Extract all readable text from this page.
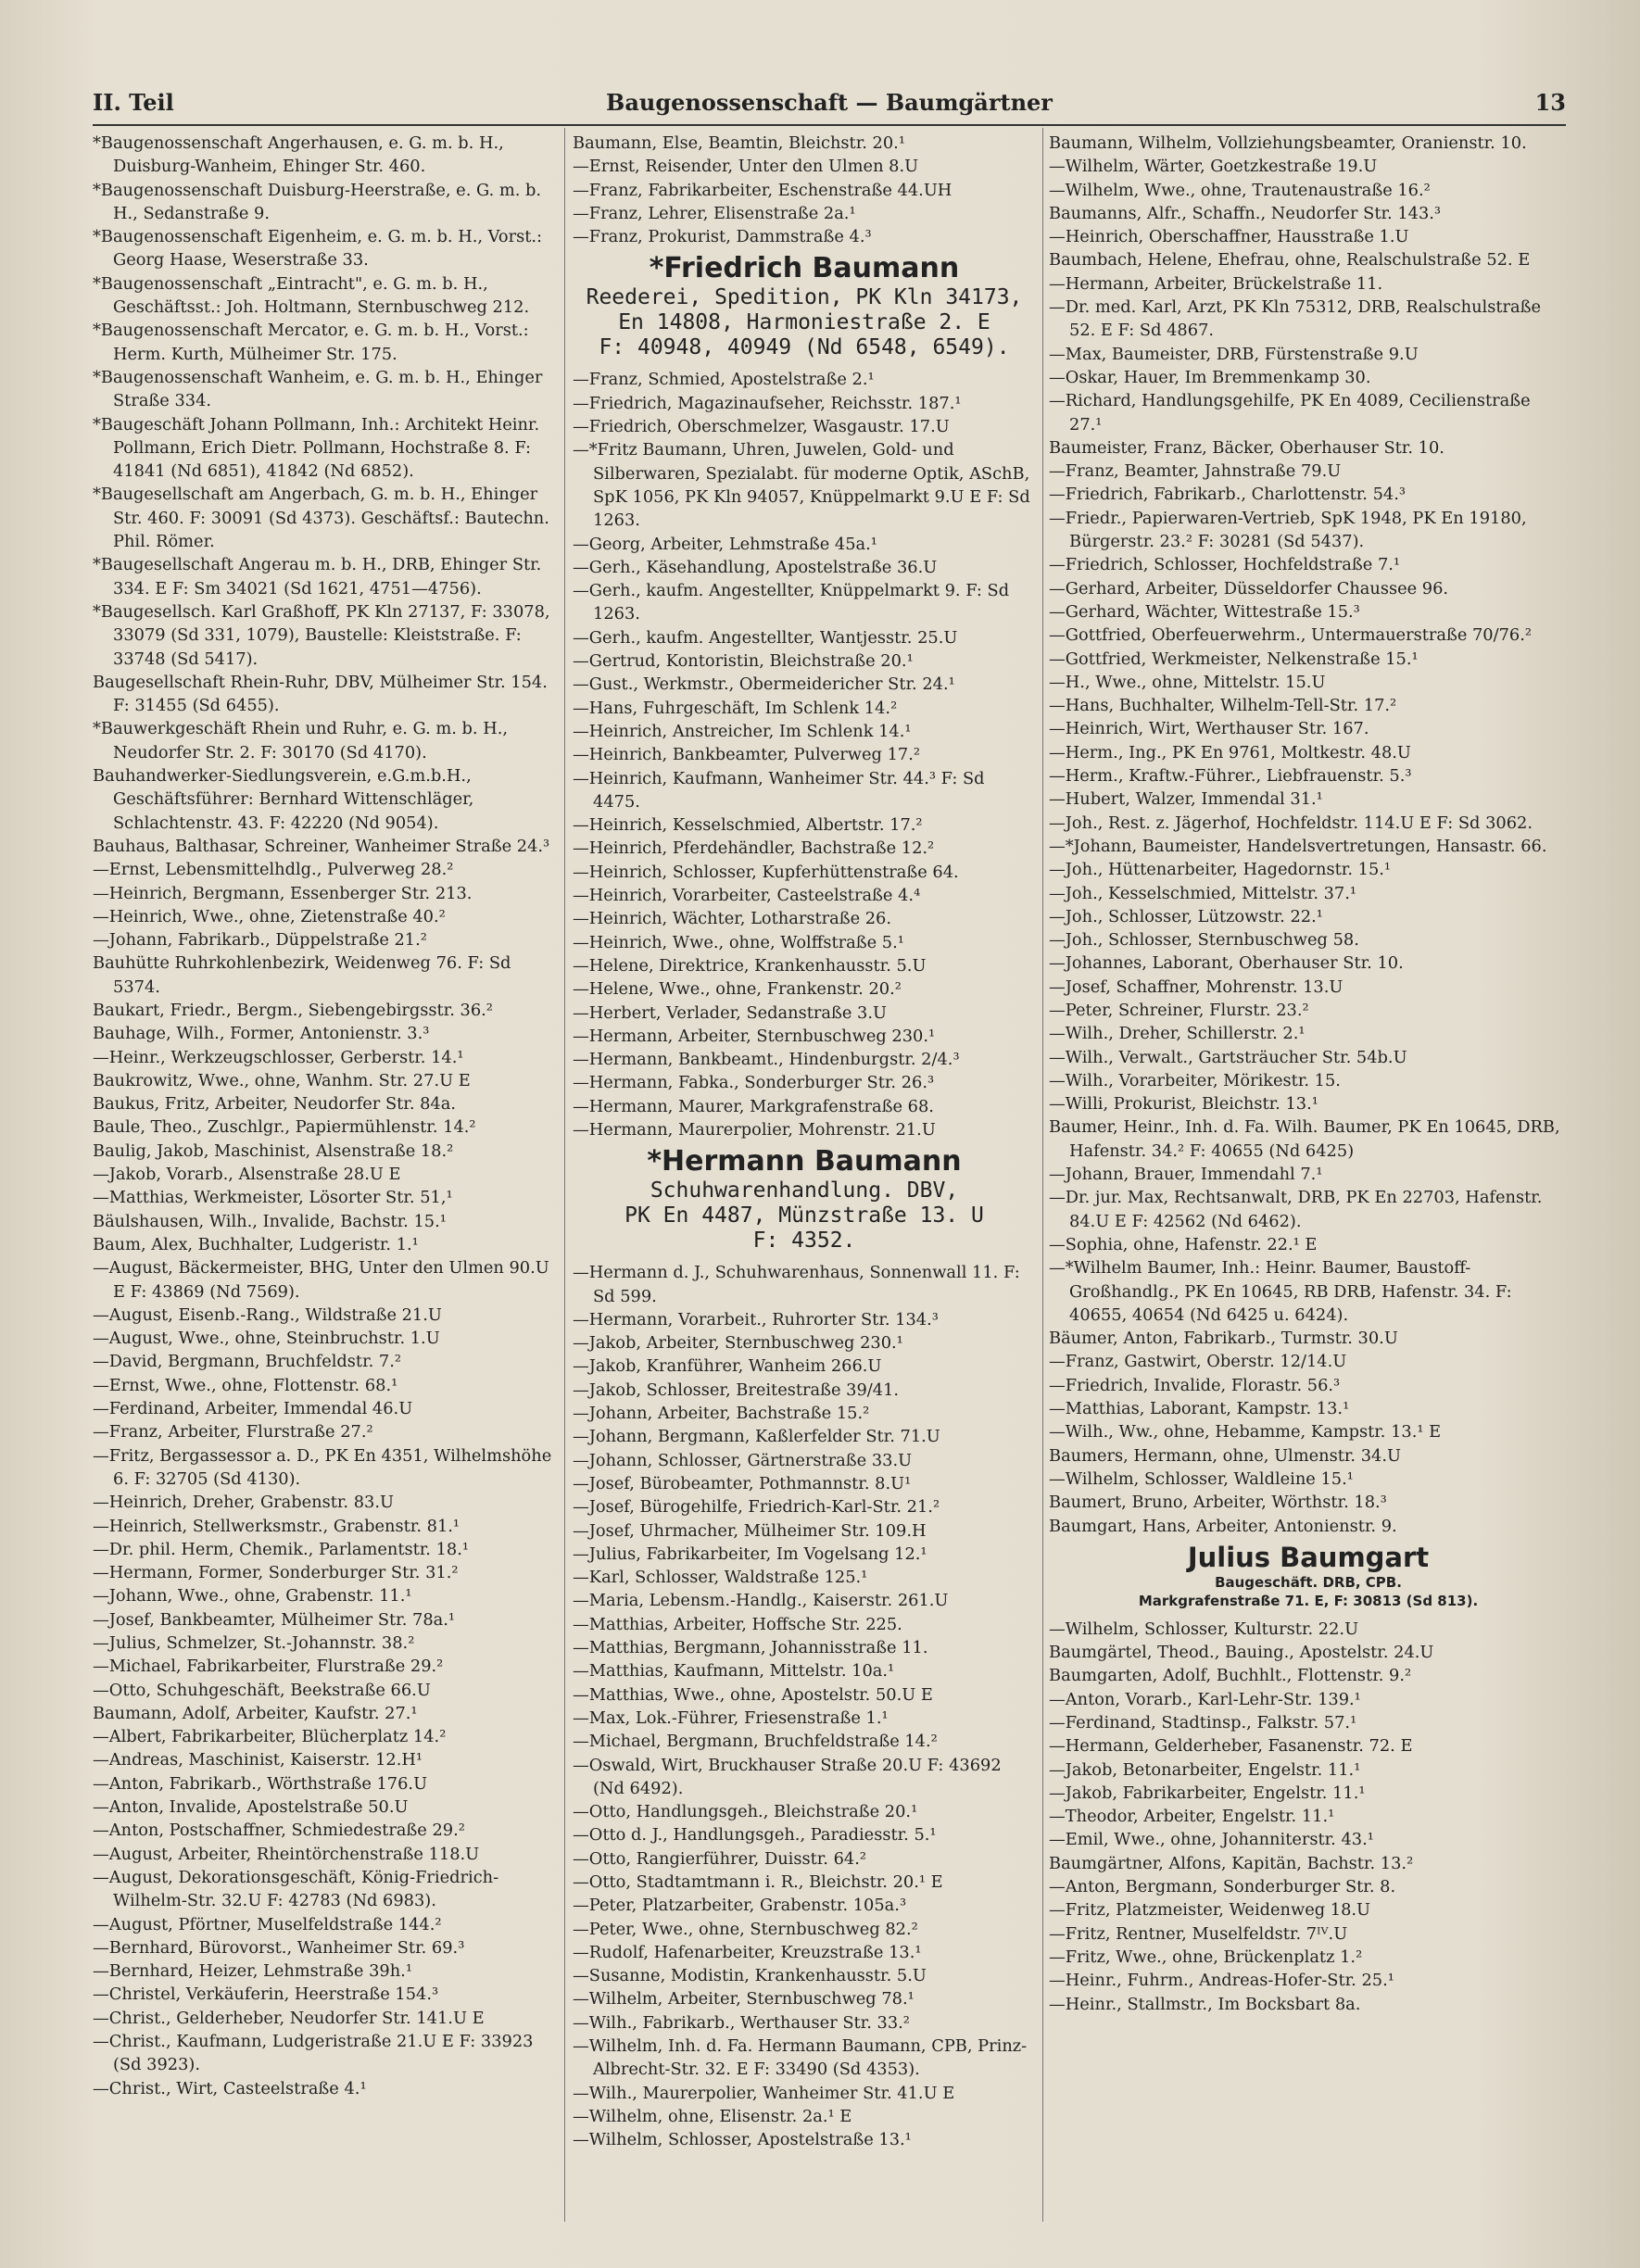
II. Teil	Baugenossenschaft — Baumgärtner	13
*Baugenossenschaft Angerhausen, e. G. m. b. H., Duisburg-Wanheim, Ehinger Str. 460.
*Baugenossenschaft Duisburg-Heerstraße, e. G. m. b. H., Sedanstraße 9.
*Baugenossenschaft Eigenheim, e. G. m. b. H., Vorst.: Georg Haase, Weserstraße 33.
*Baugenossenschaft „Eintracht", e. G. m. b. H., Geschäftsst.: Joh. Holtmann, Sternbuschweg 212.
*Baugenossenschaft Mercator, e. G. m. b. H., Vorst.: Herm. Kurth, Mülheimer Str. 175.
*Baugenossenschaft Wanheim, e. G. m. b. H., Ehinger Straße 334.
*Baugeschäft Johann Pollmann, Inh.: Architekt Heinr. Pollmann, Erich Dietr. Pollmann, Hochstraße 8. F: 41841 (Nd 6851), 41842 (Nd 6852).
*Baugesellschaft am Angerbach, G. m. b. H., Ehinger Str. 460. F: 30091 (Sd 4373). Geschäftsf.: Bautechn. Phil. Römer.
*Baugesellschaft Angerau m. b. H., DRB, Ehinger Str. 334. E F: Sm 34021 (Sd 1621, 4751—4756).
*Baugesellsch. Karl Graßhoff, PK Kln 27137, F: 33078, 33079 (Sd 331, 1079), Baustelle: Kleiststraße. F: 33748 (Sd 5417).
Baugesellschaft Rhein-Ruhr, DBV, Mülheimer Str. 154. F: 31455 (Sd 6455).
*Bauwerkgeschäft Rhein und Ruhr, e. G. m. b. H., Neudorfer Str. 2. F: 30170 (Sd 4170).
Bauhandwerker-Siedlungsverein, e.G.m.b.H., Geschäftsführer: Bernhard Wittenschläger, Schlachtenstr. 43. F: 42220 (Nd 9054).
Bauhaus, Balthasar, Schreiner, Wanheimer Straße 24.³
—Ernst, Lebensmittelhdlg., Pulverweg 28.²
—Heinrich, Bergmann, Essenberger Str. 213.
—Heinrich, Wwe., ohne, Zietenstraße 40.²
—Johann, Fabrikarb., Düppelstraße 21.²
Bauhütte Ruhrkohlenbezirk, Weidenweg 76. F: Sd 5374.
Baukart, Friedr., Bergm., Siebengebirgsstr. 36.²
Bauhage, Wilh., Former, Antonienstr. 3.³
—Heinr., Werkzeugschlosser, Gerberstr. 14.¹
Baukrowitz, Wwe., ohne, Wanhm. Str. 27.U E
Baukus, Fritz, Arbeiter, Neudorfer Str. 84a.
Baule, Theo., Zuschlgr., Papiermühlenstr. 14.²
Baulig, Jakob, Maschinist, Alsenstraße 18.²
—Jakob, Vorarb., Alsenstraße 28.U E
—Matthias, Werkmeister, Lösorter Str. 51,¹
Bäulshausen, Wilh., Invalide, Bachstr. 15.¹
Baum, Alex, Buchhalter, Ludgeristr. 1.¹
—August, Bäckermeister, BHG, Unter den Ulmen 90.U E F: 43869 (Nd 7569).
—August, Eisenb.-Rang., Wildstraße 21.U
—August, Wwe., ohne, Steinbruchstr. 1.U
—David, Bergmann, Bruchfeldstr. 7.²
—Ernst, Wwe., ohne, Flottenstr. 68.¹
—Ferdinand, Arbeiter, Immendal 46.U
—Franz, Arbeiter, Flurstraße 27.²
—Fritz, Bergassessor a. D., PK En 4351, Wilhelmshöhe 6. F: 32705 (Sd 4130).
—Heinrich, Dreher, Grabenstr. 83.U
—Heinrich, Stellwerksmstr., Grabenstr. 81.¹
—Dr. phil. Herm, Chemik., Parlamentstr. 18.¹
—Hermann, Former, Sonderburger Str. 31.²
—Johann, Wwe., ohne, Grabenstr. 11.¹
—Josef, Bankbeamter, Mülheimer Str. 78a.¹
—Julius, Schmelzer, St.-Johannstr. 38.²
—Michael, Fabrikarbeiter, Flurstraße 29.²
—Otto, Schuhgeschäft, Beekstraße 66.U
Baumann, Adolf, Arbeiter, Kaufstr. 27.¹
—Albert, Fabrikarbeiter, Blücherplatz 14.²
—Andreas, Maschinist, Kaiserstr. 12.H¹
—Anton, Fabrikarb., Wörthstraße 176.U
—Anton, Invalide, Apostelstraße 50.U
—Anton, Postschaffner, Schmiedestraße 29.²
—August, Arbeiter, Rheintörchenstraße 118.U
—August, Dekorationsgeschäft, König-Friedrich-Wilhelm-Str. 32.U F: 42783 (Nd 6983).
—August, Pförtner, Muselfeldstraße 144.²
—Bernhard, Bürovorst., Wanheimer Str. 69.³
—Bernhard, Heizer, Lehmstraße 39h.¹
—Christel, Verkäuferin, Heerstraße 154.³
—Christ., Gelderheber, Neudorfer Str. 141.U E
—Christ., Kaufmann, Ludgeristraße 21.U E F: 33923 (Sd 3923).
—Christ., Wirt, Casteelstraße 4.¹
Baumann, Else, Beamtin, Bleichstr. 20.¹
—Ernst, Reisender, Unter den Ulmen 8.U
—Franz, Fabrikarbeiter, Eschenstraße 44.UH
—Franz, Lehrer, Elisenstraße 2a.¹
—Franz, Prokurist, Dammstraße 4.³
*Friedrich Baumann
Reederei, Spedition, PK Kln 34173,
En 14808, Harmoniestraße 2. E
F: 40948, 40949 (Nd 6548, 6549).
—Franz, Schmied, Apostelstraße 2.¹
—Friedrich, Magazinaufseher, Reichsstr. 187.¹
—Friedrich, Oberschmelzer, Wasgaustr. 17.U
—*Fritz Baumann, Uhren, Juwelen, Gold- und Silberwaren, Spezialabt. für moderne Optik, ASchB, SpK 1056, PK Kln 94057, Knüppelmarkt 9.U E F: Sd 1263.
—Georg, Arbeiter, Lehmstraße 45a.¹
—Gerh., Käsehandlung, Apostelstraße 36.U
—Gerh., kaufm. Angestellter, Knüppelmarkt 9. F: Sd 1263.
—Gerh., kaufm. Angestellter, Wantjesstr. 25.U
—Gertrud, Kontoristin, Bleichstraße 20.¹
—Gust., Werkmstr., Obermeidericher Str. 24.¹
—Hans, Fuhrgeschäft, Im Schlenk 14.²
—Heinrich, Anstreicher, Im Schlenk 14.¹
—Heinrich, Bankbeamter, Pulverweg 17.²
—Heinrich, Kaufmann, Wanheimer Str. 44.³ F: Sd 4475.
—Heinrich, Kesselschmied, Albertstr. 17.²
—Heinrich, Pferdehändler, Bachstraße 12.²
—Heinrich, Schlosser, Kupferhüttenstraße 64.
—Heinrich, Vorarbeiter, Casteelstraße 4.⁴
—Heinrich, Wächter, Lotharstraße 26.
—Heinrich, Wwe., ohne, Wolffstraße 5.¹
—Helene, Direktrice, Krankenhausstr. 5.U
—Helene, Wwe., ohne, Frankenstr. 20.²
—Herbert, Verlader, Sedanstraße 3.U
—Hermann, Arbeiter, Sternbuschweg 230.¹
—Hermann, Bankbeamt., Hindenburgstr. 2/4.³
—Hermann, Fabka., Sonderburger Str. 26.³
—Hermann, Maurer, Markgrafenstraße 68.
—Hermann, Maurerpolier, Mohrenstr. 21.U
*Hermann Baumann
Schuhwarenhandlung. DBV,
PK En 4487, Münzstraße 13. U
F: 4352.
—Hermann d. J., Schuhwarenhaus, Sonnenwall 11. F: Sd 599.
—Hermann, Vorarbeit., Ruhrorter Str. 134.³
—Jakob, Arbeiter, Sternbuschweg 230.¹
—Jakob, Kranführer, Wanheim 266.U
—Jakob, Schlosser, Breitestraße 39/41.
—Johann, Arbeiter, Bachstraße 15.²
—Johann, Bergmann, Kaßlerfelder Str. 71.U
—Johann, Schlosser, Gärtnerstraße 33.U
—Josef, Bürobeamter, Pothmannstr. 8.U¹
—Josef, Bürogehilfe, Friedrich-Karl-Str. 21.²
—Josef, Uhrmacher, Mülheimer Str. 109.H
—Julius, Fabrikarbeiter, Im Vogelsang 12.¹
—Karl, Schlosser, Waldstraße 125.¹
—Maria, Lebensm.-Handlg., Kaiserstr. 261.U
—Matthias, Arbeiter, Hoffsche Str. 225.
—Matthias, Bergmann, Johannisstraße 11.
—Matthias, Kaufmann, Mittelstr. 10a.¹
—Matthias, Wwe., ohne, Apostelstr. 50.U E
—Max, Lok.-Führer, Friesenstraße 1.¹
—Michael, Bergmann, Bruchfeldstraße 14.²
—Oswald, Wirt, Bruckhauser Straße 20.U F: 43692 (Nd 6492).
—Otto, Handlungsgeh., Bleichstraße 20.¹
—Otto d. J., Handlungsgeh., Paradiesstr. 5.¹
—Otto, Rangierführer, Duisstr. 64.²
—Otto, Stadtamtmann i. R., Bleichstr. 20.¹ E
—Peter, Platzarbeiter, Grabenstr. 105a.³
—Peter, Wwe., ohne, Sternbuschweg 82.²
—Rudolf, Hafenarbeiter, Kreuzstraße 13.¹
—Susanne, Modistin, Krankenhausstr. 5.U
—Wilhelm, Arbeiter, Sternbuschweg 78.¹
—Wilh., Fabrikarb., Werthauser Str. 33.²
—Wilhelm, Inh. d. Fa. Hermann Baumann, CPB, Prinz-Albrecht-Str. 32. E F: 33490 (Sd 4353).
—Wilh., Maurerpolier, Wanheimer Str. 41.U E
—Wilhelm, ohne, Elisenstr. 2a.¹ E
—Wilhelm, Schlosser, Apostelstraße 13.¹
Baumann, Wilhelm, Vollziehungsbeamter, Oranienstr. 10.
—Wilhelm, Wärter, Goetzkestraße 19.U
—Wilhelm, Wwe., ohne, Trautenaustraße 16.²
Baumanns, Alfr., Schaffn., Neudorfer Str. 143.³
—Heinrich, Oberschaffner, Hausstraße 1.U
Baumbach, Helene, Ehefrau, ohne, Realschulstraße 52. E
—Hermann, Arbeiter, Brückelstraße 11.
—Dr. med. Karl, Arzt, PK Kln 75312, DRB, Realschulstraße 52. E F: Sd 4867.
—Max, Baumeister, DRB, Fürstenstraße 9.U
—Oskar, Hauer, Im Bremmenkamp 30.
—Richard, Handlungsgehilfe, PK En 4089, Cecilienstraße 27.¹
Baumeister, Franz, Bäcker, Oberhauser Str. 10.
—Franz, Beamter, Jahnstraße 79.U
—Friedrich, Fabrikarb., Charlottenstr. 54.³
—Friedr., Papierwaren-Vertrieb, SpK 1948, PK En 19180, Bürgerstr. 23.² F: 30281 (Sd 5437).
—Friedrich, Schlosser, Hochfeldstraße 7.¹
—Gerhard, Arbeiter, Düsseldorfer Chaussee 96.
—Gerhard, Wächter, Wittestraße 15.³
—Gottfried, Oberfeuerwehrm., Untermauerstraße 70/76.²
—Gottfried, Werkmeister, Nelkenstraße 15.¹
—H., Wwe., ohne, Mittelstr. 15.U
—Hans, Buchhalter, Wilhelm-Tell-Str. 17.²
—Heinrich, Wirt, Werthauser Str. 167.
—Herm., Ing., PK En 9761, Moltkestr. 48.U
—Herm., Kraftw.-Führer., Liebfrauenstr. 5.³
—Hubert, Walzer, Immendal 31.¹
—Joh., Rest. z. Jägerhof, Hochfeldstr. 114.U E F: Sd 3062.
—*Johann, Baumeister, Handelsvertretungen, Hansastr. 66.
—Joh., Hüttenarbeiter, Hagedornstr. 15.¹
—Joh., Kesselschmied, Mittelstr. 37.¹
—Joh., Schlosser, Lützowstr. 22.¹
—Joh., Schlosser, Sternbuschweg 58.
—Johannes, Laborant, Oberhauser Str. 10.
—Josef, Schaffner, Mohrenstr. 13.U
—Peter, Schreiner, Flurstr. 23.²
—Wilh., Dreher, Schillerstr. 2.¹
—Wilh., Verwalt., Gartsträucher Str. 54b.U
—Wilh., Vorarbeiter, Mörikestr. 15.
—Willi, Prokurist, Bleichstr. 13.¹
Baumer, Heinr., Inh. d. Fa. Wilh. Baumer, PK En 10645, DRB, Hafenstr. 34.² F: 40655 (Nd 6425)
—Johann, Brauer, Immendahl 7.¹
—Dr. jur. Max, Rechtsanwalt, DRB, PK En 22703, Hafenstr. 84.U E F: 42562 (Nd 6462).
—Sophia, ohne, Hafenstr. 22.¹ E
—*Wilhelm Baumer, Inh.: Heinr. Baumer, Baustoff-Großhandlg., PK En 10645, RB DRB, Hafenstr. 34. F: 40655, 40654 (Nd 6425 u. 6424).
Bäumer, Anton, Fabrikarb., Turmstr. 30.U
—Franz, Gastwirt, Oberstr. 12/14.U
—Friedrich, Invalide, Florastr. 56.³
—Matthias, Laborant, Kampstr. 13.¹
—Wilh., Ww., ohne, Hebamme, Kampstr. 13.¹ E
Baumers, Hermann, ohne, Ulmenstr. 34.U
—Wilhelm, Schlosser, Waldleine 15.¹
Baumert, Bruno, Arbeiter, Wörthstr. 18.³
Baumgart, Hans, Arbeiter, Antonienstr. 9.
Julius Baumgart
Baugeschäft. DRB, CPB.
Markgrafenstraße 71. E, F: 30813 (Sd 813).
—Wilhelm, Schlosser, Kulturstr. 22.U
Baumgärtel, Theod., Bauing., Apostelstr. 24.U
Baumgarten, Adolf, Buchhlt., Flottenstr. 9.²
—Anton, Vorarb., Karl-Lehr-Str. 139.¹
—Ferdinand, Stadtinsp., Falkstr. 57.¹
—Hermann, Gelderheber, Fasanenstr. 72. E
—Jakob, Betonarbeiter, Engelstr. 11.¹
—Jakob, Fabrikarbeiter, Engelstr. 11.¹
—Theodor, Arbeiter, Engelstr. 11.¹
—Emil, Wwe., ohne, Johanniterstr. 43.¹
Baumgärtner, Alfons, Kapitän, Bachstr. 13.²
—Anton, Bergmann, Sonderburger Str. 8.
—Fritz, Platzmeister, Weidenweg 18.U
—Fritz, Rentner, Muselfeldstr. 7ᴵⱽ.U
—Fritz, Wwe., ohne, Brückenplatz 1.²
—Heinr., Fuhrm., Andreas-Hofer-Str. 25.¹
—Heinr., Stallmstr., Im Bocksbart 8a.
